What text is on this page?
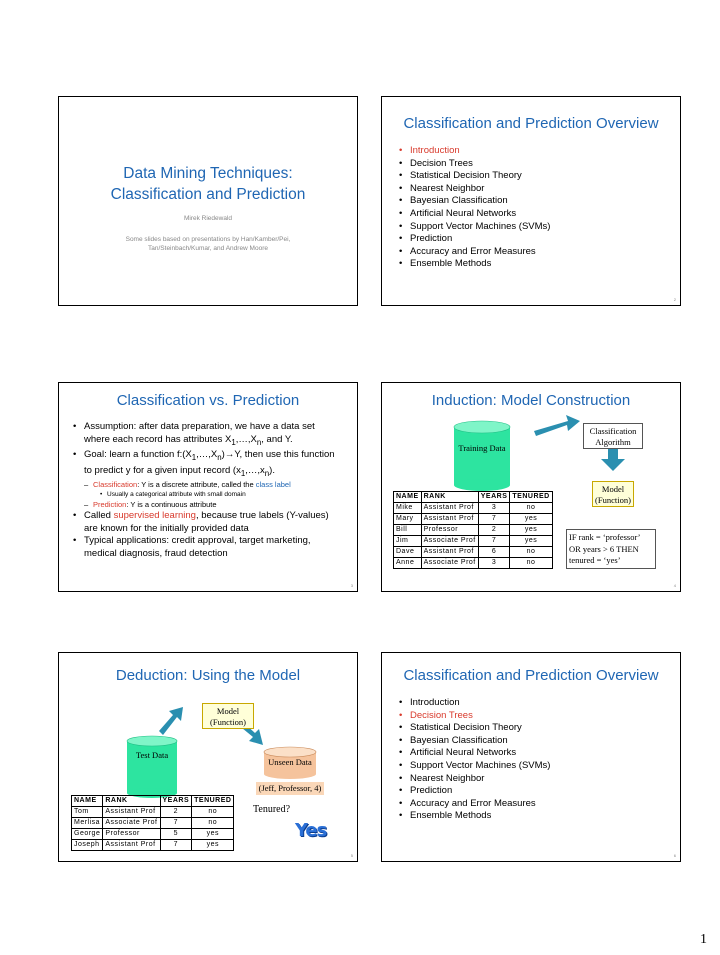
Data Mining Techniques:
Classification and Prediction
Mirek Riedewald
Some slides based on presentations by Han/Kamber/Pei, Tan/Steinbach/Kumar, and Andrew Moore
Classification and Prediction Overview
• Introduction
• Decision Trees
• Statistical Decision Theory
• Nearest Neighbor
• Bayesian Classification
• Artificial Neural Networks
• Support Vector Machines (SVMs)
• Prediction
• Accuracy and Error Measures
• Ensemble Methods
2
Classification vs. Prediction
• Assumption: after data preparation, we have a data set where each record has attributes $X_1,\dots,X_n$, and Y.
• Goal: learn a function $f:(X_1,\dots,X_n)\to Y$, then use this function to predict y for a given input record $(x_1,\dots,x_n)$.
– Classification: Y is a discrete attribute, called the class label
• Usually a categorical attribute with small domain
– Prediction: Y is a continuous attribute
• Called supervised learning, because true labels (Y-values) are known for the initially provided data
• Typical applications: credit approval, target marketing, medical diagnosis, fraud detection
3
Induction: Model Construction
Training Data
Classification Algorithm
Model (Function)
IF rank = ‘professor’ OR years > 6 THEN tenured = ‘yes’
NAME	RANK	YEARS	TENURED
Mike	Assistant Prof	3	no
Mary	Assistant Prof	7	yes
Bill	Professor	2	yes
Jim	Associate Prof	7	yes
Dave	Assistant Prof	6	no
Anne	Associate Prof	3	no
4
Deduction: Using the Model
Model (Function)
Test Data
Unseen Data
(Jeff, Professor, 4)
Tenured?
Yes
NAME	RANK	YEARS	TENURED
Tom	Assistant Prof	2	no
Merlisa	Associate Prof	7	no
George	Professor	5	yes
Joseph	Assistant Prof	7	yes
5
Classification and Prediction Overview
• Introduction
• Decision Trees
• Statistical Decision Theory
• Bayesian Classification
• Artificial Neural Networks
• Support Vector Machines (SVMs)
• Nearest Neighbor
• Prediction
• Accuracy and Error Measures
• Ensemble Methods
6
1
